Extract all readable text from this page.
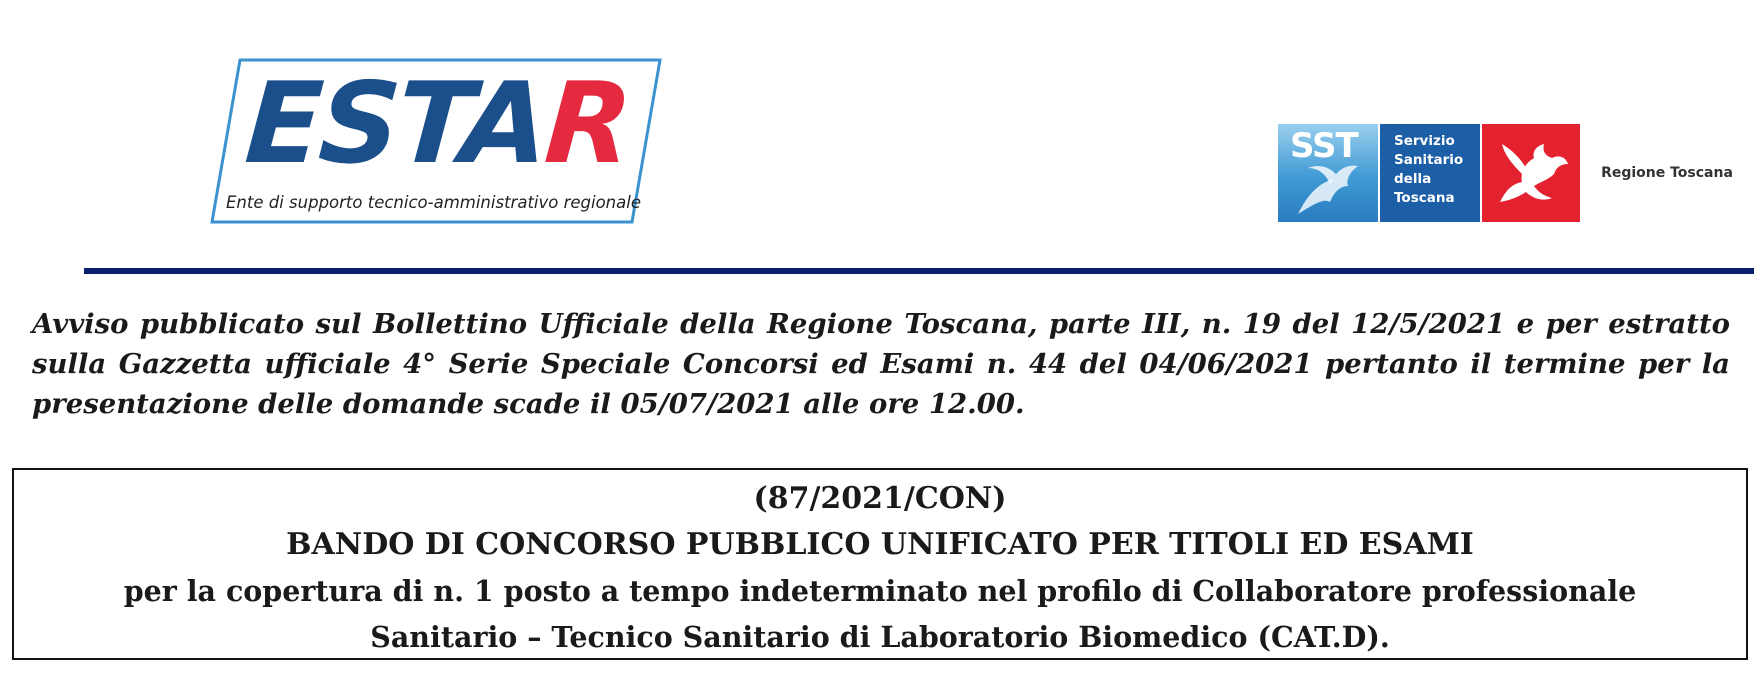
ESTAR
Ente di supporto tecnico-amministrativo regionale
SST	Servizio
Sanitario
della
Toscana
Regione Toscana
Avviso pubblicato sul Bollettino Ufficiale della Regione Toscana, parte III, n. 19 del 12/5/2021 e per estratto sulla Gazzetta ufficiale 4° Serie Speciale Concorsi ed Esami n. 44 del 04/06/2021 pertanto il termine per la presentazione delle domande scade il 05/07/2021 alle ore 12.00.
(87/2021/CON)
BANDO DI CONCORSO PUBBLICO UNIFICATO PER TITOLI ED ESAMI
per la copertura di n. 1 posto a tempo indeterminato nel profilo di Collaboratore professionale
Sanitario – Tecnico Sanitario di Laboratorio Biomedico (CAT.D).
